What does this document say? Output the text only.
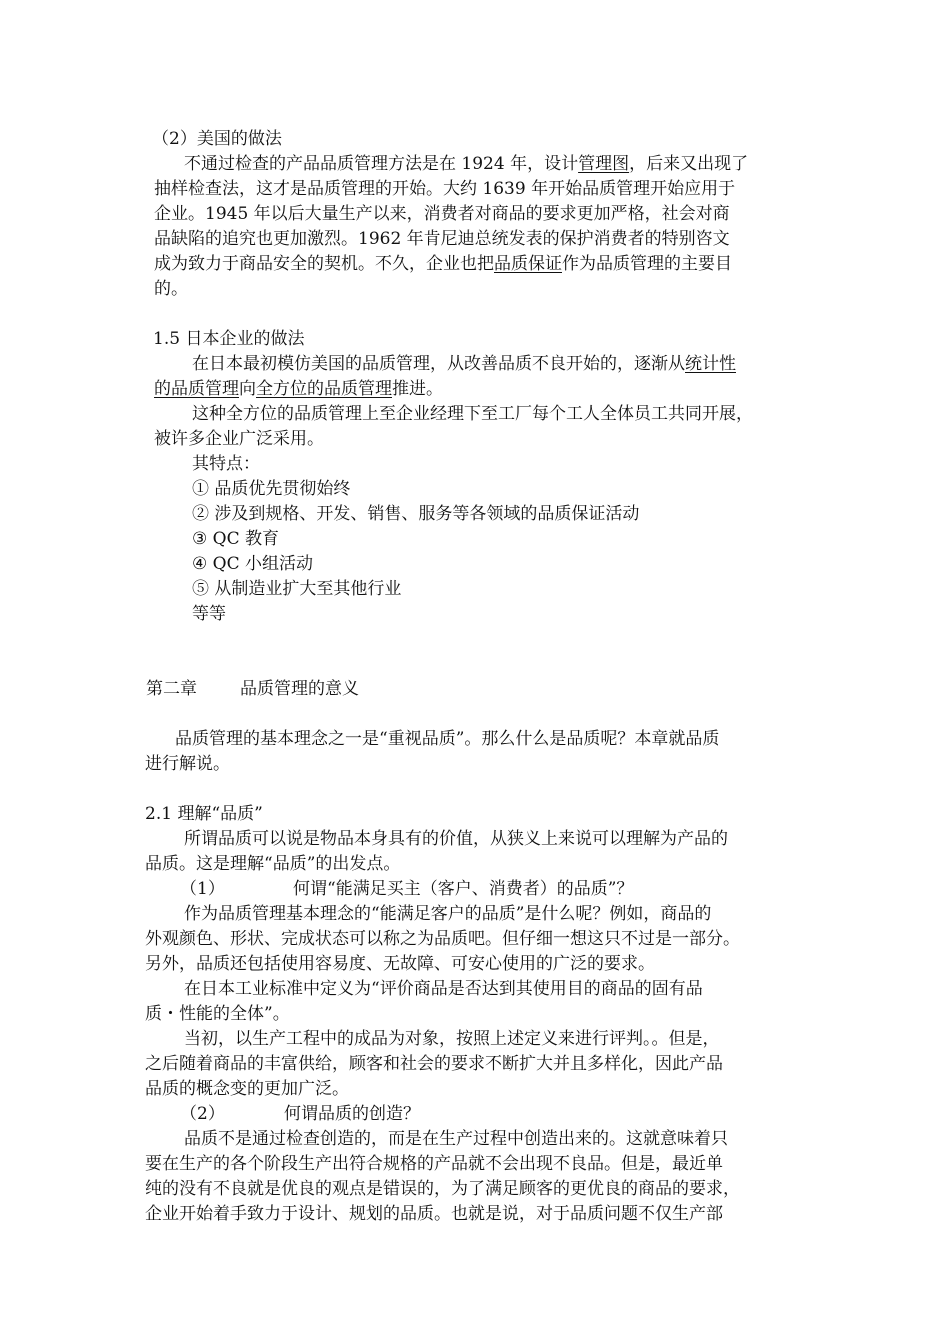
（2）美国的做法
不通过检查的产品品质管理方法是在 1924 年，设计管理图，后来又出现了
抽样检查法，这才是品质管理的开始。大约 1639 年开始品质管理开始应用于
企业。1945 年以后大量生产以来，消费者对商品的要求更加严格，社会对商
品缺陷的追究也更加激烈。1962 年肯尼迪总统发表的保护消费者的特别咨文
成为致力于商品安全的契机。不久，企业也把品质保证作为品质管理的主要目
的。
1.5 日本企业的做法
在日本最初模仿美国的品质管理，从改善品质不良开始的，逐渐从统计性
的品质管理向全方位的品质管理推进。
这种全方位的品质管理上至企业经理下至工厂每个工人全体员工共同开展，
被许多企业广泛采用。
其特点：
① 品质优先贯彻始终
② 涉及到规格、开发、销售、服务等各领域的品质保证活动
③ QC 教育
④ QC 小组活动
⑤ 从制造业扩大至其他行业
等等
第二章	品质管理的意义
品质管理的基本理念之一是“重视品质”。那么什么是品质呢？本章就品质
进行解说。
2.1 理解“品质”
所谓品质可以说是物品本身具有的价值，从狭义上来说可以理解为产品的
品质。这是理解“品质”的出发点。
（1）	何谓“能满足买主（客户、消费者）的品质”？
作为品质管理基本理念的“能满足客户的品质”是什么呢？例如，商品的
外观颜色、形状、完成状态可以称之为品质吧。但仔细一想这只不过是一部分。
另外，品质还包括使用容易度、无故障、可安心使用的广泛的要求。
在日本工业标准中定义为“评价商品是否达到其使用目的商品的固有品
质・性能的全体”。
当初，以生产工程中的成品为对象，按照上述定义来进行评判。。但是，
之后随着商品的丰富供给，顾客和社会的要求不断扩大并且多样化，因此产品
品质的概念变的更加广泛。
（2）	何谓品质的创造？
品质不是通过检查创造的，而是在生产过程中创造出来的。这就意味着只
要在生产的各个阶段生产出符合规格的产品就不会出现不良品。但是，最近单
纯的没有不良就是优良的观点是错误的，为了满足顾客的更优良的商品的要求，
企业开始着手致力于设计、规划的品质。也就是说，对于品质问题不仅生产部
